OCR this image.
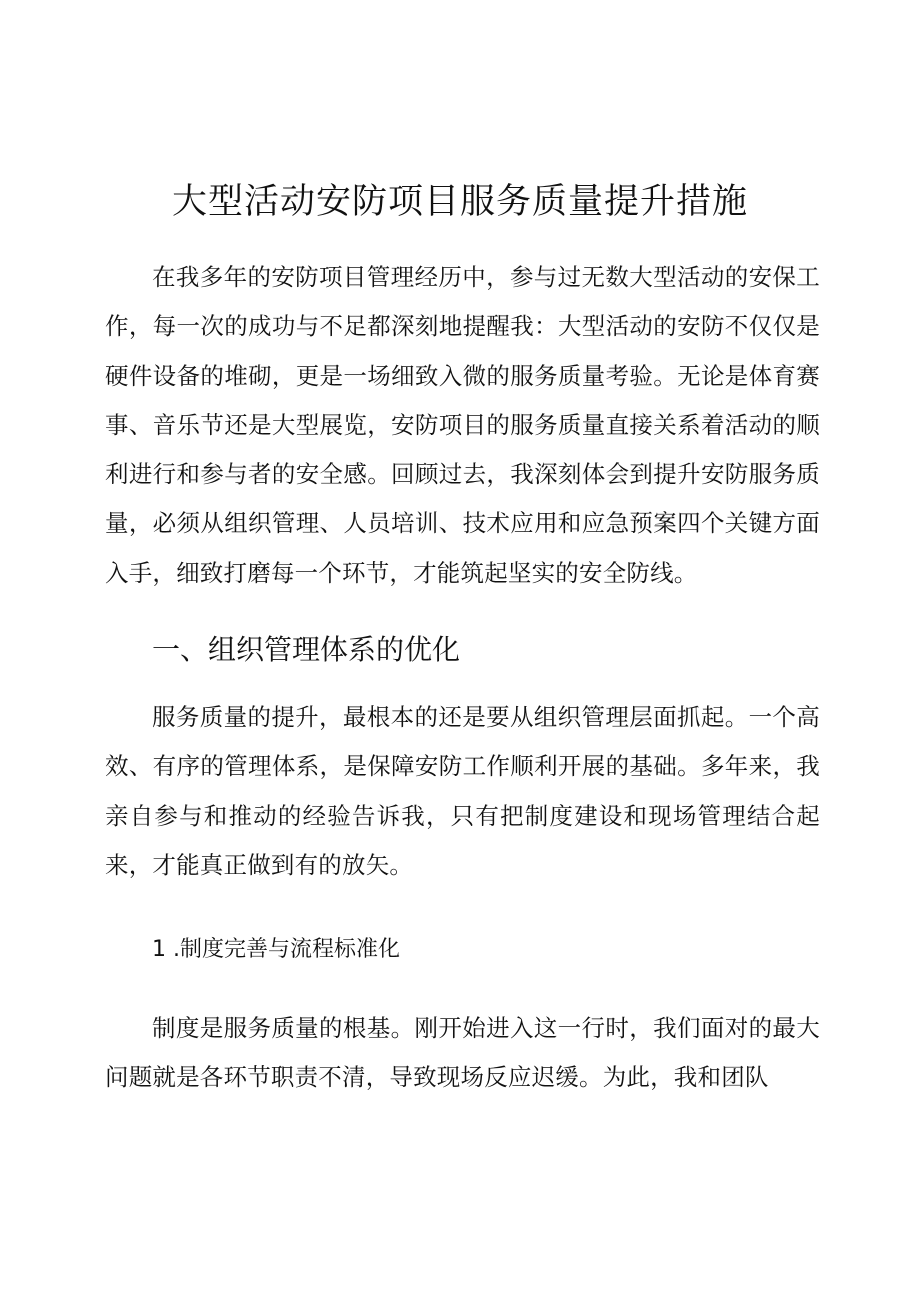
大型活动安防项目服务质量提升措施

在我多年的安防项目管理经历中，参与过无数大型活动的安保工作，每一次的成功与不足都深刻地提醒我：大型活动的安防不仅仅是硬件设备的堆砌，更是一场细致入微的服务质量考验。无论是体育赛事、音乐节还是大型展览，安防项目的服务质量直接关系着活动的顺利进行和参与者的安全感。回顾过去，我深刻体会到提升安防服务质量，必须从组织管理、人员培训、技术应用和应急预案四个关键方面入手，细致打磨每一个环节，才能筑起坚实的安全防线。

一、组织管理体系的优化

服务质量的提升，最根本的还是要从组织管理层面抓起。一个高效、有序的管理体系，是保障安防工作顺利开展的基础。多年来，我亲自参与和推动的经验告诉我，只有把制度建设和现场管理结合起来，才能真正做到有的放矢。

1 .制度完善与流程标准化

制度是服务质量的根基。刚开始进入这一行时，我们面对的最大问题就是各环节职责不清，导致现场反应迟缓。为此，我和团队
